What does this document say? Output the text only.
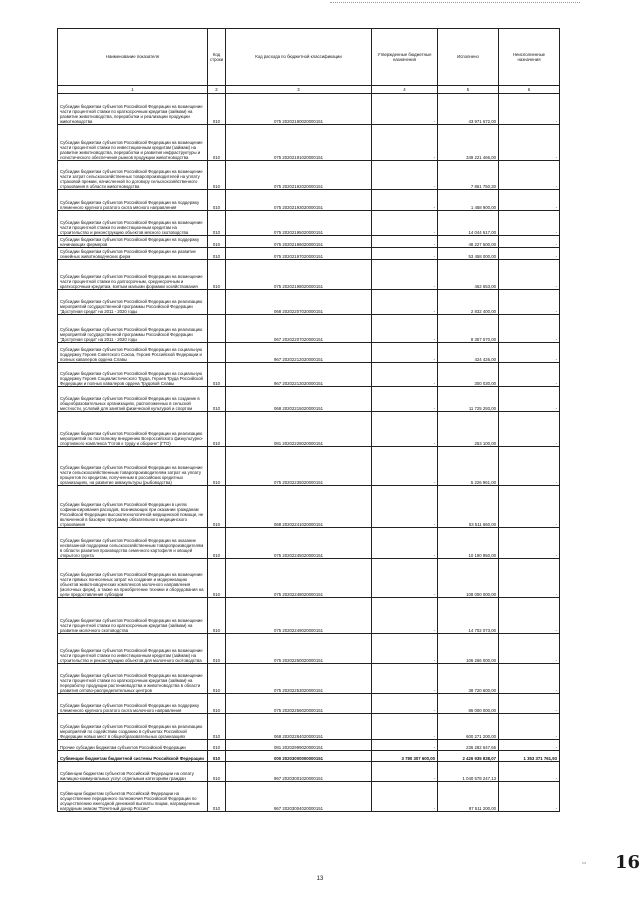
Наименование показателя	Код строки	Код расхода по бюджетной классификации	Утвержденные бюджетные назначения	Исполнено	Неисполненные назначения
1	2	3	4	5	6
Субсидии бюджетам субъектов Российской Федерации на возмещение части процентной ставки по краткосрочным кредитам (займам) на развитие животноводства, переработки и реализации продукции животноводства	010	075 20202190020000151	-	43 971 672,00	-
Субсидии бюджетам субъектов Российской Федерации на возмещение части процентной ставки по инвестиционным кредитам (займам) на развитие животноводства, переработки и развития инфраструктуры и логистического обеспечения рынков продукции животноводства	010	075 20202191020000151	-	349 221 466,00	-
Субсидии бюджетам субъектов Российской Федерации на возмещение части затрат сельскохозяйственных товаропроизводителей на уплату страховой премии, начисленной по договору сельскохозяйственного страхования в области животноводства	010	075 20202192020000151	-	7 861 750,30	-
Субсидии бюджетам субъектов Российской Федерации на поддержку племенного крупного рогатого скота мясного направления	010	075 20202193020000151	-	1 458 900,00	-
Субсидии бюджетам субъектов Российской Федерации на возмещение части процентной ставки по инвестиционным кредитам на строительство и реконструкцию объектов мясного скотоводства	010	075 20202195020000151	-	14 044 617,00	-
Субсидии бюджетам субъектов Российской Федерации на поддержку начинающих фермеров	010	075 20202196020000151	-	48 227 500,00	-
Субсидии бюджетам субъектов Российской Федерации на развитие семейных животноводческих ферм	010	075 20202197020000151	-	53 458 000,00	-
Субсидии бюджетам субъектов Российской Федерации на возмещение части процентной ставки по долгосрочным, среднесрочным и краткосрочным кредитам, взятым малыми формами хозяйствования	010	075 20202198020000151	-	462 653,00	-
Субсидии бюджетам субъектов Российской Федерации на реализацию мероприятий государственной программы Российской Федерации "Доступная среда" на 2011 - 2020 годы		068 20202207020000151	-	2 832 400,00	-
Субсидии бюджетам субъектов Российской Федерации на реализацию мероприятий государственной программы Российской Федерации "Доступная среда" на 2011 - 2020 годы		067 20202207020000151	-	8 357 570,00	-
Субсидии бюджетам субъектов Российской Федерации на социальную поддержку Героев Советского Союза, Героев Российской Федерации и полных кавалеров ордена Славы		967 20202212020000151	-	424 426,00	-
Субсидии бюджетам субъектов Российской Федерации на социальную поддержку Героев Социалистического Труда, Героев Труда Российской Федерации и полных кавалеров ордена Трудовой Славы	010	967 20202213020000151	-	300 030,00	-
Субсидии бюджетам субъектов Российской Федерации на создание в общеобразовательных организациях, расположенных в сельской местности, условий для занятий физической культурой и спортом	010	068 20202215020000151	-	11 725 293,00	-
Субсидии бюджетам субъектов Российской Федерации на реализацию мероприятий по поэтапному внедрению Всероссийского физкультурно-спортивного комплекса "Готов к труду и обороне" (ГТО)	010	081 20202228020000151	-	253 100,00	-
Субсидии бюджетам субъектов Российской Федерации на возмещение части сельскохозяйственным товаропроизводителям затрат на уплату процентов по кредитам, полученным в российских кредитных организациях, на развитие аквакультуры (рыбоводства)	010	075 20202235020000151	-	5 226 961,00	-
Субсидии бюджетам субъектов Российской Федерации в целях софинансирования расходов, возникающих при оказании гражданам Российской Федерации высокотехнологичной медицинской помощи, не включенной в базовую программу обязательного медицинского страхования	010	068 20202241020000151	-	53 511 660,00	-
Субсидии бюджетам субъектов Российской Федерации на оказание несвязанной поддержки сельскохозяйственным товаропроизводителям в области развития производства семенного картофеля и овощей открытого грунта	010	075 20202245020000151	-	10 190 950,00	-
Субсидии бюджетам субъектов Российской Федерации на возмещение части прямых понесенных затрат на создание и модернизацию объектов животноводческих комплексов молочного направления (молочных ферм), а также на приобретение техники и оборудования на цели предоставления субсидии	010	075 20202248020000151	-	108 000 000,00	-
Субсидии бюджетам субъектов Российской Федерации на возмещение части процентной ставки по краткосрочным кредитам (займам) на развитие молочного скотоводства	010	075 20202249020000151	-	14 702 073,00	-
Субсидии бюджетам субъектов Российской Федерации на возмещение части процентной ставки по инвестиционным кредитам (займам) на строительство и реконструкцию объектов для молочного скотоводства	010	075 20202250020000151	-	106 266 000,00	-
Субсидии бюджетам субъектов Российской Федерации на возмещение части процентной ставки по краткосрочным кредитам (займам) на переработку продукции растениеводства и животноводства в области развития оптово-распределительных центров	010	075 20202253020000151	-	38 720 600,00	-
Субсидии бюджетам субъектов Российской Федерации на поддержку племенного крупного рогатого скота молочного направления	010	075 20202256020000151	-	86 000 000,00	-
Субсидии бюджетам субъектов Российской Федерации на реализацию мероприятий по содействию созданию в субъектах Российской Федерации новых мест в общеобразовательных организациях	010	068 20202284020000151	-	600 271 200,00	-
Прочие субсидии бюджетам субъектов Российской Федерации	010	081 20202999020000151	-	236 282 647,66	-
Субвенции бюджетам бюджетной системы Российской Федерации	010	000 20203000000000151	3 780 307 600,00	2 426 935 838,07	1 353 371 761,93
Субвенции бюджетам субъектов Российской Федерации на оплату жилищно-коммунальных услуг отдельным категориям граждан	010	967 20203001020000151	-	1 040 578 247,13	-
Субвенции бюджетам субъектов Российской Федерации на осуществление переданного полномочия Российской Федерации по осуществлению ежегодной денежной выплаты лицам, награжденным нагрудным знаком "Почетный донор России"	010	967 20203004020000151	-	97 511 200,00	-
••• 16
13
